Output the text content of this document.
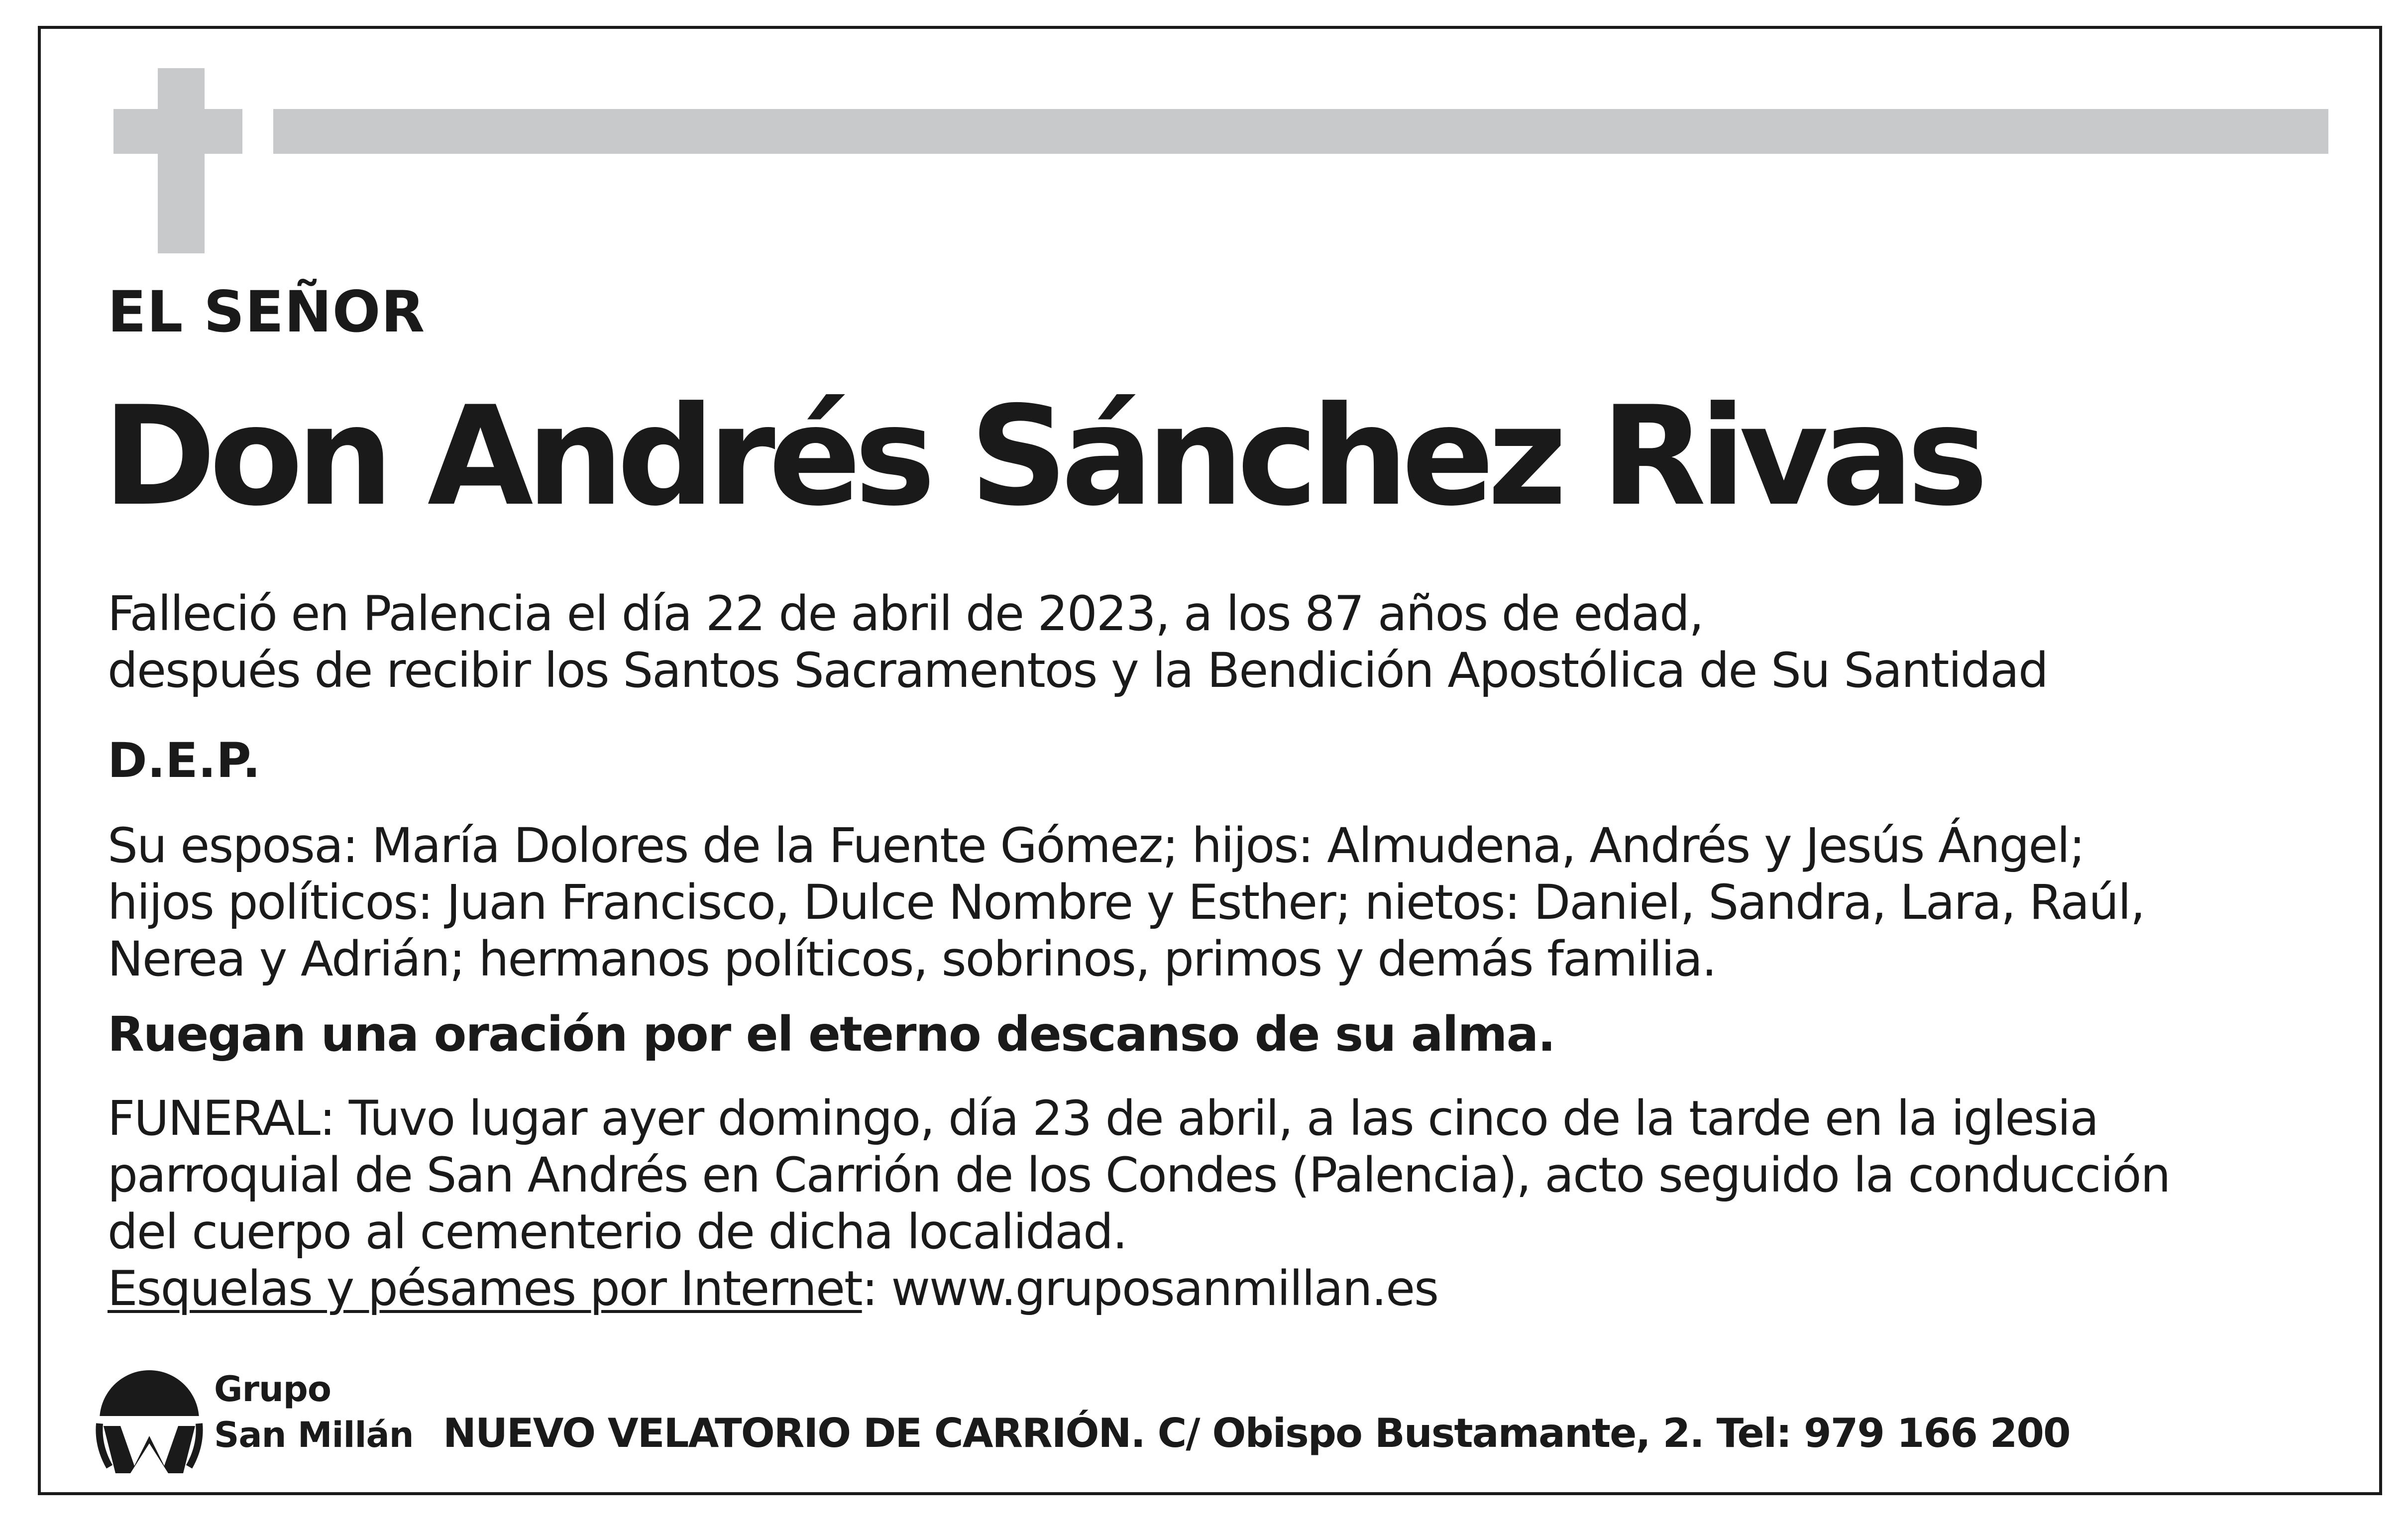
EL SEÑOR
Don Andrés Sánchez Rivas
Falleció en Palencia el día 22 de abril de 2023, a los 87 años de edad,
después de recibir los Santos Sacramentos y la Bendición Apostólica de Su Santidad
D.E.P.
Su esposa: María Dolores de la Fuente Gómez; hijos: Almudena, Andrés y Jesús Ángel;
hijos políticos: Juan Francisco, Dulce Nombre y Esther; nietos: Daniel, Sandra, Lara, Raúl,
Nerea y Adrián; hermanos políticos, sobrinos, primos y demás familia.
Ruegan una oración por el eterno descanso de su alma.
FUNERAL: Tuvo lugar ayer domingo, día 23 de abril, a las cinco de la tarde en la iglesia
parroquial de San Andrés en Carrión de los Condes (Palencia), acto seguido la conducción
del cuerpo al cementerio de dicha localidad.
Esquelas y pésames por Internet: www.gruposanmillan.es
Grupo
San Millán NUEVO VELATORIO DE CARRIÓN. C/ Obispo Bustamante, 2. Tel: 979 166 200
